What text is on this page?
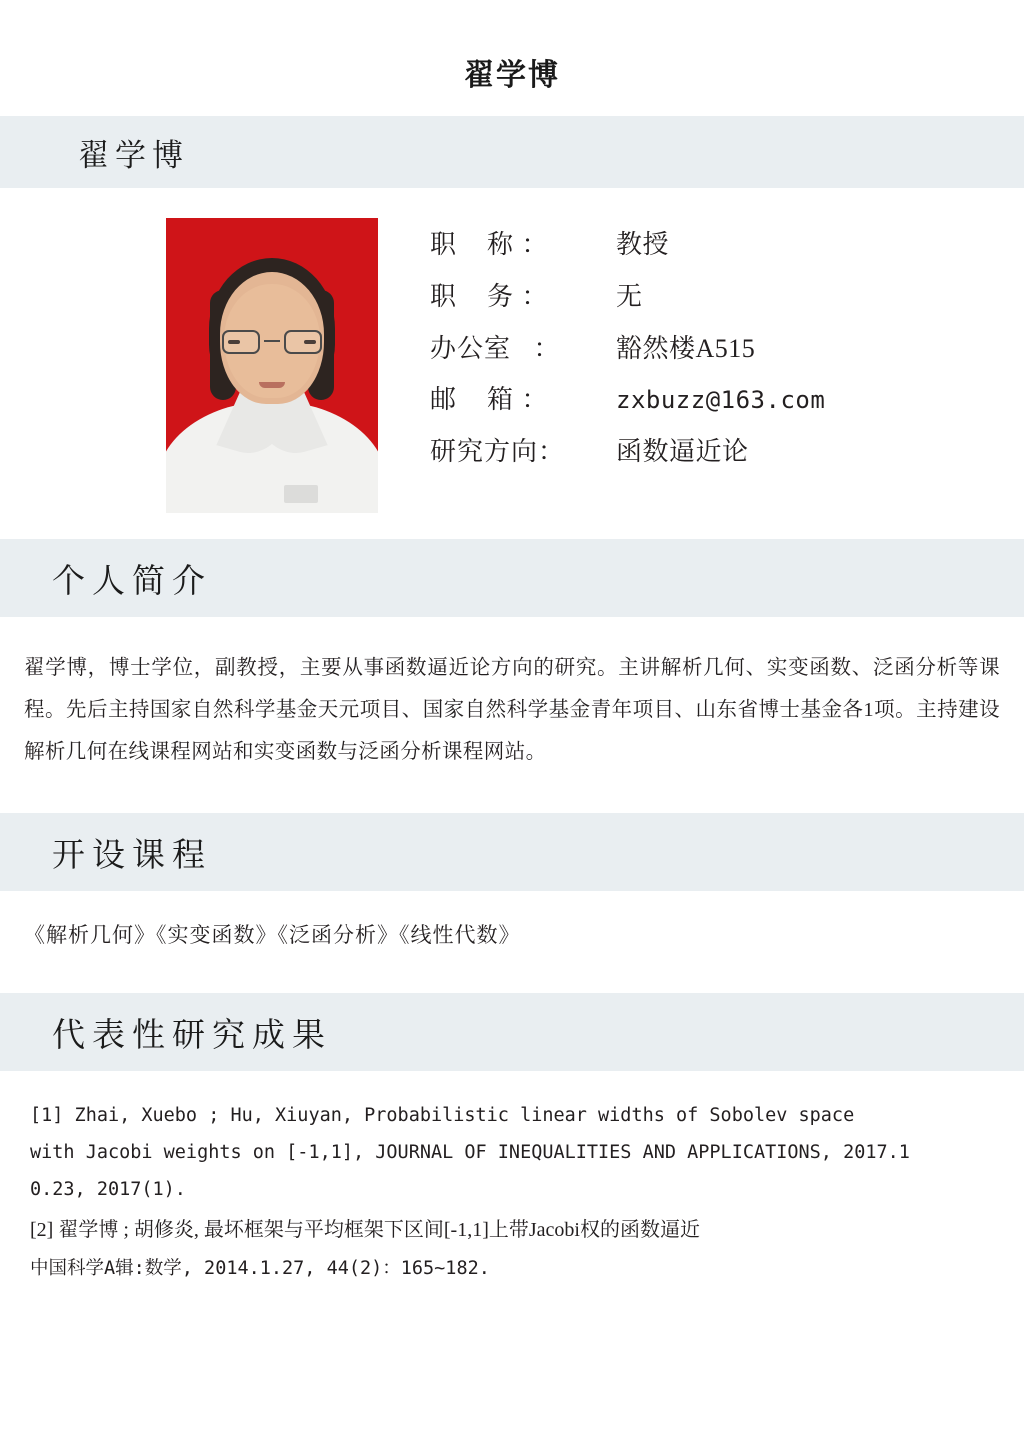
翟学博
翟学博
职    称 ：	教授
职    务 ：	无
办公室   ：	豁然楼A515
邮    箱 ：	zxbuzz@163.com
研究方向：	函数逼近论
个人简介
翟学博，博士学位，副教授，主要从事函数逼近论方向的研究。主讲解析几何、实变函数、泛函分析等课程。先后主持国家自然科学基金天元项目、国家自然科学基金青年项目、山东省博士基金各1项。主持建设解析几何在线课程网站和实变函数与泛函分析课程网站。
开设课程
《解析几何》《实变函数》《泛函分析》《线性代数》
代表性研究成果
[1] Zhai, Xuebo ; Hu, Xiuyan, Probabilistic linear widths of Sobolev space
with Jacobi weights on [-1,1], JOURNAL OF INEQUALITIES AND APPLICATIONS, 2017.1
0.23, 2017(1).
[2] 翟学博 ; 胡修炎, 最坏框架与平均框架下区间[-1,1]上带Jacobi权的函数逼近
中国科学A辑:数学, 2014.1.27, 44(2)：165~182.
